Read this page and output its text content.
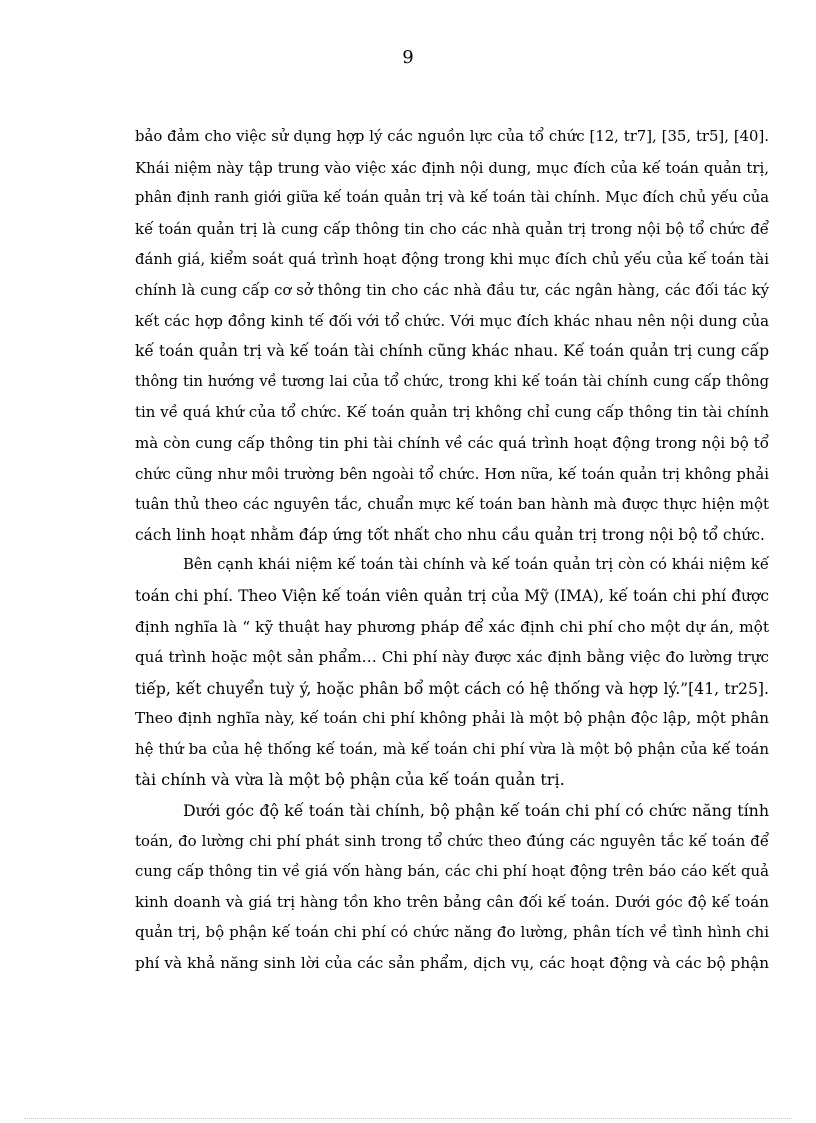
9
bảo đảm cho việc sử dụng hợp lý các nguồn lực của tổ chức [12, tr7], [35, tr5], [40].
Khái niệm này tập trung vào việc xác định nội dung, mục đích của kế toán quản trị,
phân định ranh giới giữa kế toán quản trị và kế toán tài chính. Mục đích chủ yếu của
kế toán quản trị là cung cấp thông tin cho các nhà quản trị trong nội bộ tổ chức để
đánh giá, kiểm soát quá trình hoạt động trong khi mục đích chủ yếu của kế toán tài
chính là cung cấp cơ sở thông tin cho các nhà đầu tư, các ngân hàng, các đối tác ký
kết các hợp đồng kinh tế đối với tổ chức. Với mục đích khác nhau nên nội dung của
kế toán quản trị và kế toán tài chính cũng khác nhau. Kế toán quản trị cung cấp
thông tin hướng về tương lai của tổ chức, trong khi kế toán tài chính cung cấp thông
tin về quá khứ của tổ chức. Kế toán quản trị không chỉ cung cấp thông tin tài chính
mà còn cung cấp thông tin phi tài chính về các quá trình hoạt động trong nội bộ tổ
chức cũng như môi trường bên ngoài tổ chức. Hơn nữa, kế toán quản trị không phải
tuân thủ theo các nguyên tắc, chuẩn mực kế toán ban hành mà được thực hiện một
cách linh hoạt nhằm đáp ứng tốt nhất cho nhu cầu quản trị trong nội bộ tổ chức.
Bên cạnh khái niệm kế toán tài chính và kế toán quản trị còn có khái niệm kế
toán chi phí. Theo Viện kế toán viên quản trị của Mỹ (IMA), kế toán chi phí được
định nghĩa là “ kỹ thuật hay phương pháp để xác định chi phí cho một dự án, một
quá trình hoặc một sản phẩm… Chi phí này được xác định bằng việc đo lường trực
tiếp, kết chuyển tuỳ ý, hoặc phân bổ một cách có hệ thống và hợp lý.”[41, tr25].
Theo định nghĩa này, kế toán chi phí không phải là một bộ phận độc lập, một phân
hệ thứ ba của hệ thống kế toán, mà kế toán chi phí vừa là một bộ phận của kế toán
tài chính và vừa là một bộ phận của kế toán quản trị.
Dưới góc độ kế toán tài chính, bộ phận kế toán chi phí có chức năng tính
toán, đo lường chi phí phát sinh trong tổ chức theo đúng các nguyên tắc kế toán để
cung cấp thông tin về giá vốn hàng bán, các chi phí hoạt động trên báo cáo kết quả
kinh doanh và giá trị hàng tồn kho trên bảng cân đối kế toán. Dưới góc độ kế toán
quản trị, bộ phận kế toán chi phí có chức năng đo lường, phân tích về tình hình chi
phí và khả năng sinh lời của các sản phẩm, dịch vụ, các hoạt động và các bộ phận
